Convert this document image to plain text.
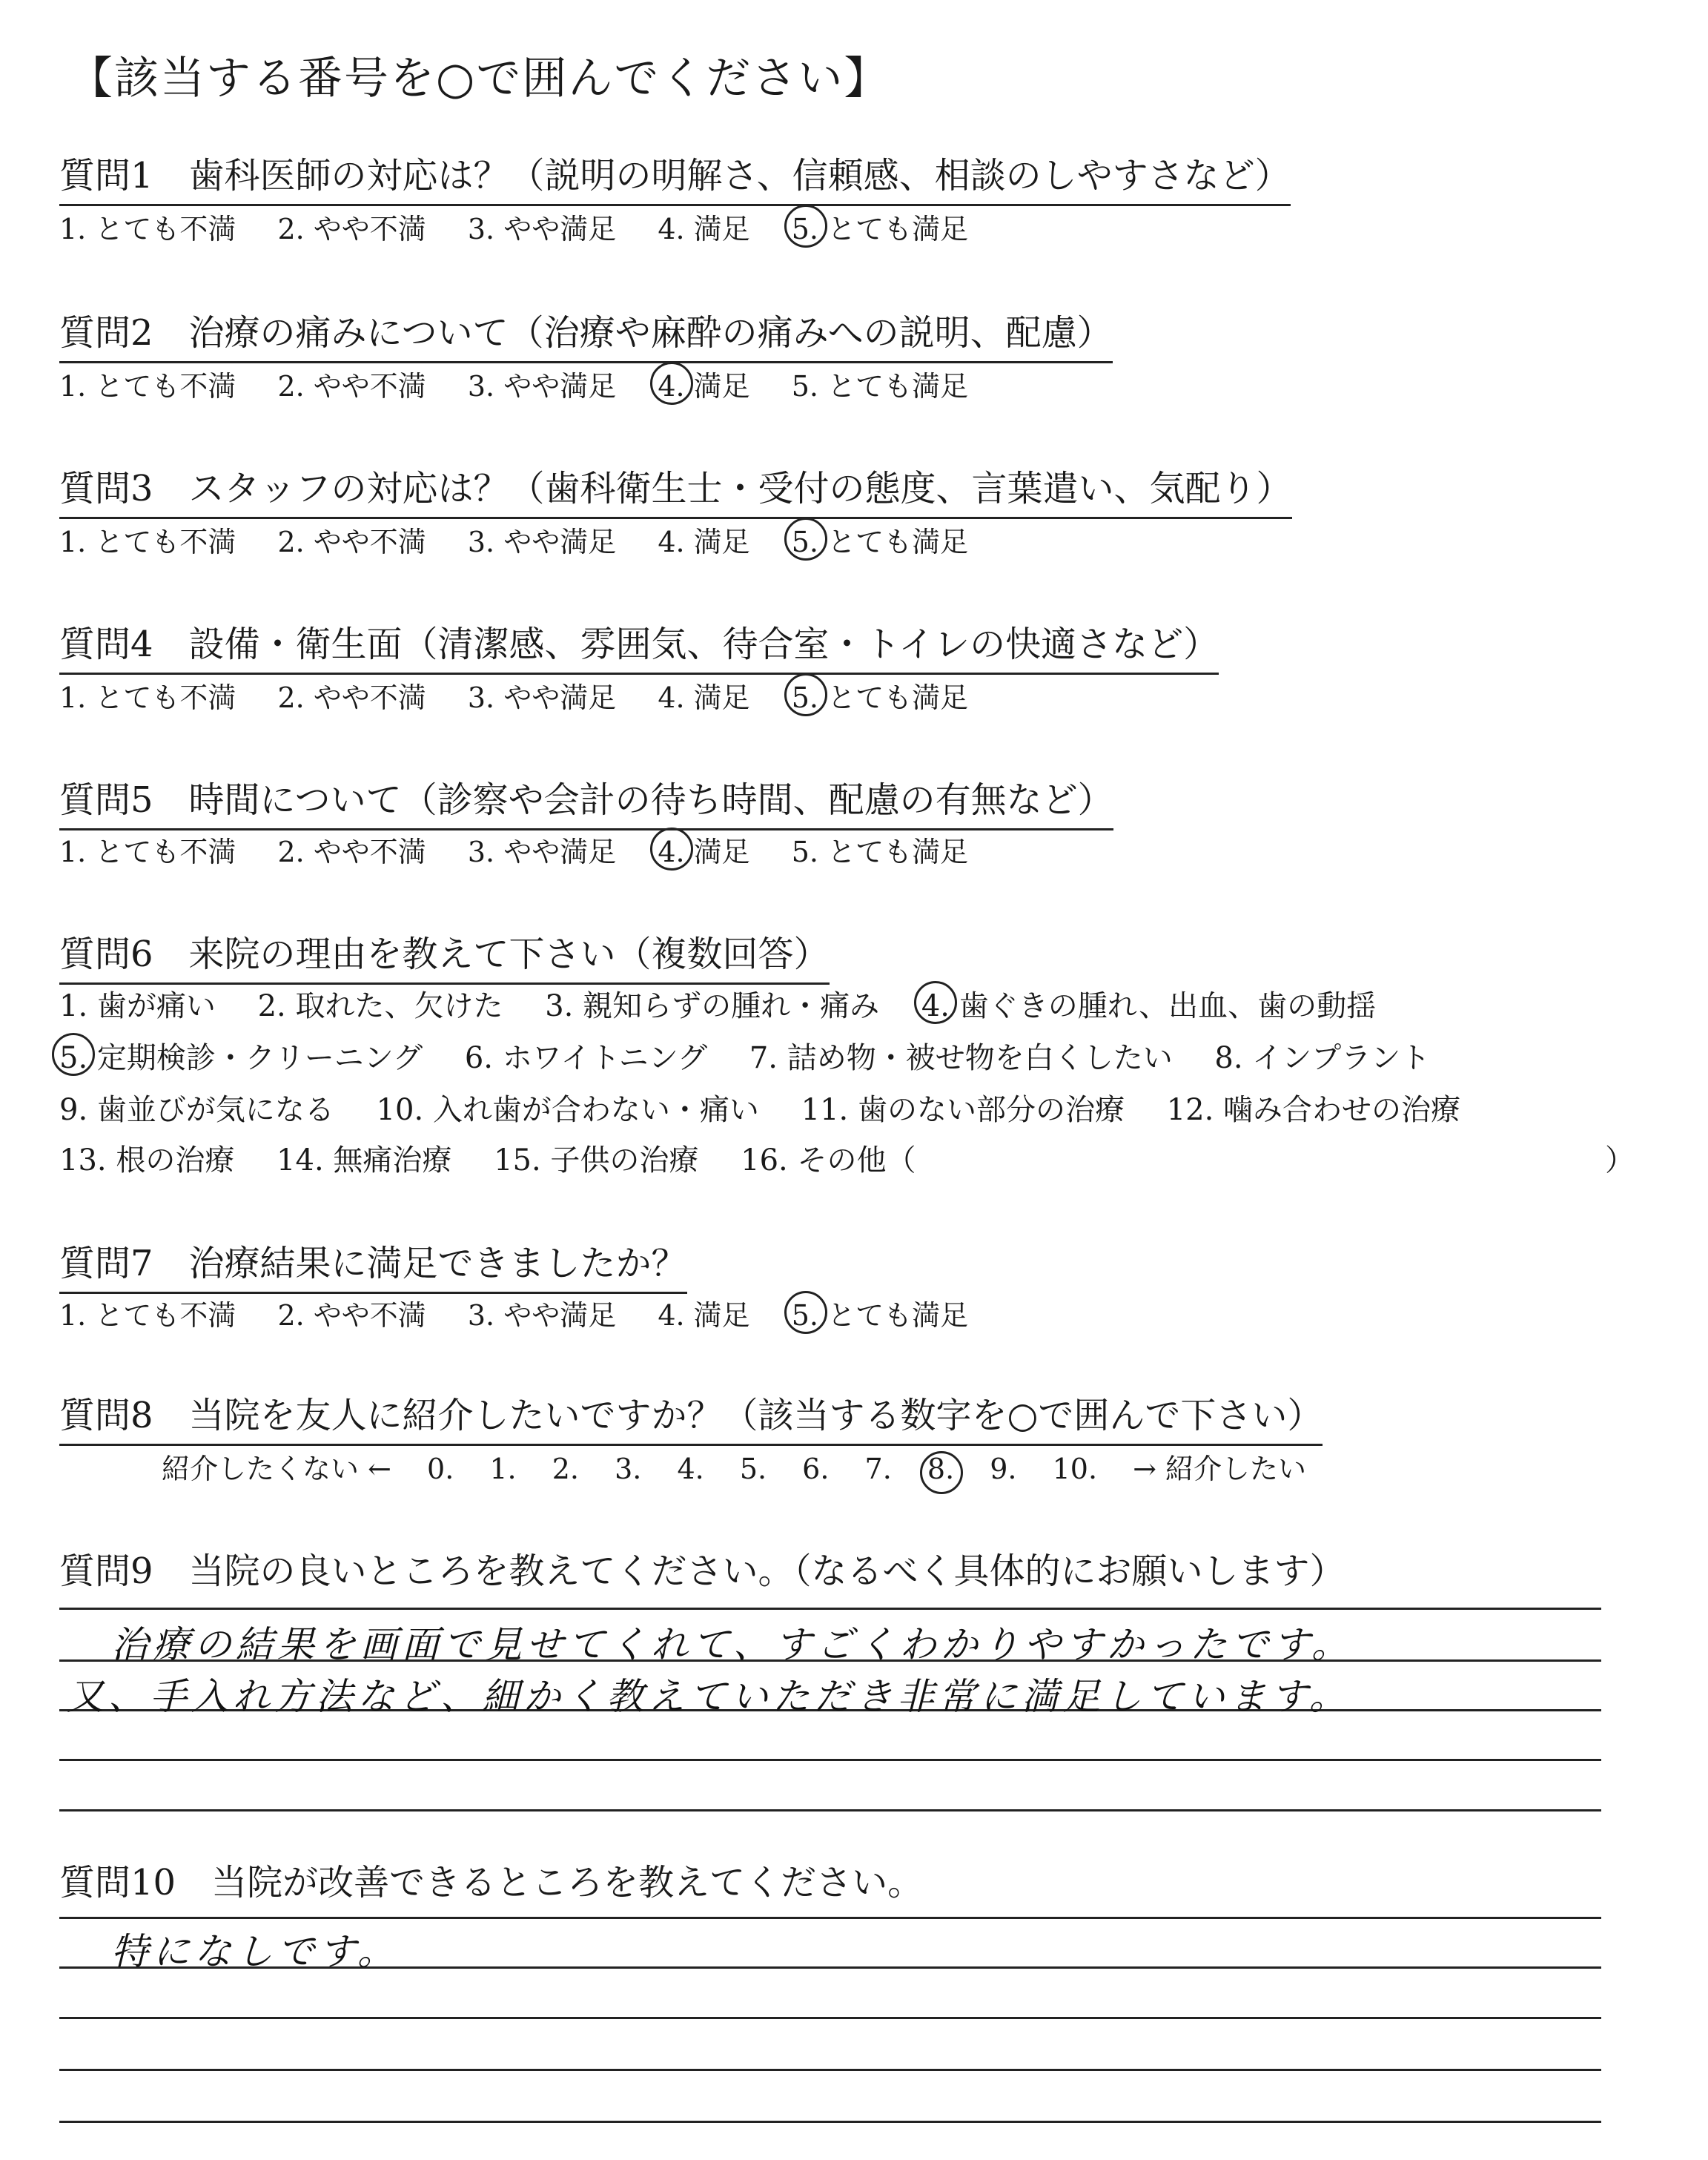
【該当する番号を○で囲んでください】
質問1　歯科医師の対応は？（説明の明解さ、信頼感、相談のしやすさなど）
1. とても不満 2. やや不満 3. やや満足 4. 満足 5. とても満足
質問2　治療の痛みについて（治療や麻酔の痛みへの説明、配慮）
1. とても不満 2. やや不満 3. やや満足 4. 満足 5. とても満足
質問3　スタッフの対応は？（歯科衛生士・受付の態度、言葉遣い、気配り）
1. とても不満 2. やや不満 3. やや満足 4. 満足 5. とても満足
質問4　設備・衛生面（清潔感、雰囲気、待合室・トイレの快適さなど）
1. とても不満 2. やや不満 3. やや満足 4. 満足 5. とても満足
質問5　時間について（診察や会計の待ち時間、配慮の有無など）
1. とても不満 2. やや不満 3. やや満足 4. 満足 5. とても満足
質問6　来院の理由を教えて下さい（複数回答）
1. 歯が痛い 2. 取れた、欠けた 3. 親知らずの腫れ・痛み 4. 歯ぐきの腫れ、出血、歯の動揺
5. 定期検診・クリーニング 6. ホワイトニング 7. 詰め物・被せ物を白くしたい 8. インプラント
9. 歯並びが気になる 10. 入れ歯が合わない・痛い 11. 歯のない部分の治療 12. 噛み合わせの治療
13. 根の治療 14. 無痛治療 15. 子供の治療 16. その他（	）
質問7　治療結果に満足できましたか？
1. とても不満 2. やや不満 3. やや満足 4. 満足 5. とても満足
質問8　当院を友人に紹介したいですか？（該当する数字を○で囲んで下さい）
紹介したくない ← 0. 1. 2. 3. 4. 5. 6. 7. 8. 9. 10. → 紹介したい
質問9　当院の良いところを教えてください。（なるべく具体的にお願いします）
治療の結果を画面で見せてくれて、すごくわかりやすかったです。
又、手入れ方法など、細かく教えていただき非常に満足しています。
質問10　当院が改善できるところを教えてください。
特になしです。
